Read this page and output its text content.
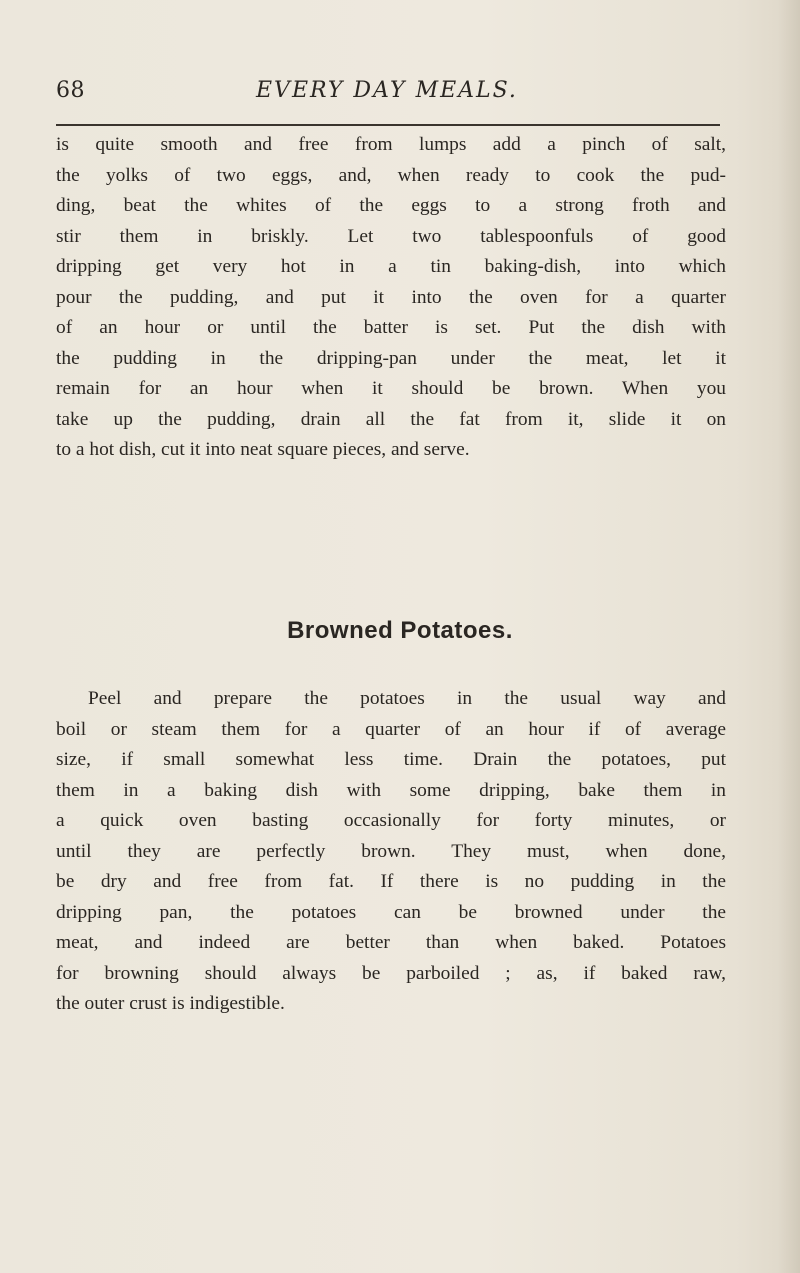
68	EVERY DAY MEALS.
is quite smooth and free from lumps add a pinch of salt,
the yolks of two eggs, and, when ready to cook the pud-
ding, beat the whites of the eggs to a strong froth and
stir them in briskly. Let two tablespoonfuls of good
dripping get very hot in a tin baking-dish, into which
pour the pudding, and put it into the oven for a quarter
of an hour or until the batter is set. Put the dish with
the pudding in the dripping-pan under the meat, let it
remain for an hour when it should be brown. When you
take up the pudding, drain all the fat from it, slide it on
to a hot dish, cut it into neat square pieces, and serve.
Browned Potatoes.
Peel and prepare the potatoes in the usual way and
boil or steam them for a quarter of an hour if of average
size, if small somewhat less time. Drain the potatoes, put
them in a baking dish with some dripping, bake them in
a quick oven basting occasionally for forty minutes, or
until they are perfectly brown. They must, when done,
be dry and free from fat. If there is no pudding in the
dripping pan, the potatoes can be browned under the
meat, and indeed are better than when baked. Potatoes
for browning should always be parboiled ; as, if baked raw,
the outer crust is indigestible.
